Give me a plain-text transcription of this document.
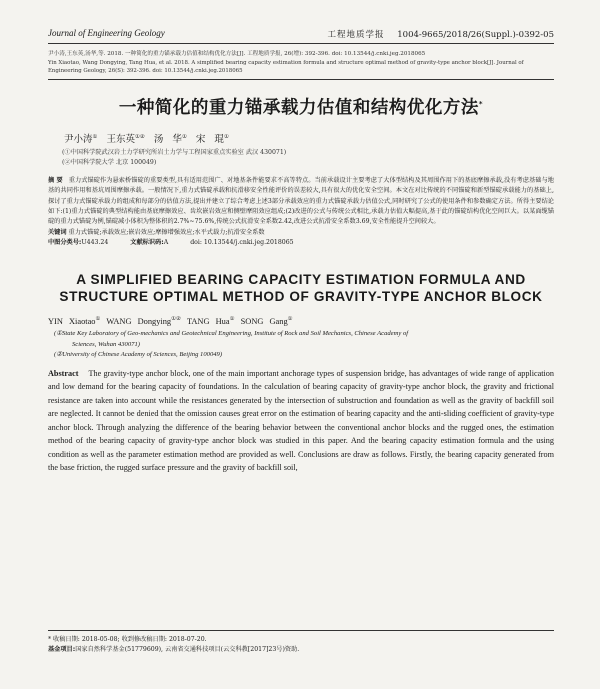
Journal of Engineering Geology	工程地质学报 1004-9665/2018/26(Suppl.)-0392-05
尹小涛,王东英,汤华,等. 2018. 一种简化的重力锚承载力估值和结构优化方法[J]. 工程地质学报, 26(增): 392-396. doi: 10.13544/j.cnki.jeg.2018065
Yin Xiaotao, Wang Dongying, Tang Hua, et al. 2018. A simplified bearing capacity estimation formula and structure optimal method of gravity-type anchor block[J]. Journal of Engineering Geology, 26(S): 392-396. doi: 10.13544/j.cnki.jeg.2018065
一种简化的重力锚承载力估值和结构优化方法*
尹小涛① 王东英①② 汤 华① 宋 琨①
(①中国科学院武汉岩土力学研究所岩土力学与工程国家重点实验室 武汉 430071)
(②中国科学院大学 北京 100049)
摘 要 重力式锚碇作为悬索桥锚碇的重要类型,具有适用范围广、对地基条件能要求不高等特点。当前承载设计主要考虑了大体型结构及其周围作用下的基底摩擦承载,没有考虑基础与地基的共同作用和基坑周围摩擦承载。一般情况下,重力式锚碇承载和抗滑移安全性能评价的误差较大,具有很大的优化安全空间。本文在对比传统的不同锚碇和新型锚碇承载能力的基础上,探讨了重力式锚碇承载力的组成和每部分的估值方法,提出并建立了综合考虑上述3部分承载效应的重力式锚碇承载力估值公式,同时研究了公式的使用条件和参数确定方法。所得主要结论如下:(1)重力式锚碇的典型结构能由基底摩擦效应、齿坎嵌岩效应和侧壁摩阻效应组成;(2)改进的公式与传统公式相比,承载力估值大幅提高,基于此的锚碇结构优化空间巨大。以某面缆锚碇的重力式锚碇为例,锚碇减小体积为整体积的2.7%~75.6%,传统公式抗滑安全系数2.42,改进公式抗滑安全系数3.69,安全性能提升空间较大。
关键词 重力式锚碇;承载效应;嵌岩效应;摩擦增强效应;水平式载力;抗滑安全系数
中图分类号:U443.24	文献标识码:A	doi: 10.13544/j.cnki.jeg.2018065
A SIMPLIFIED BEARING CAPACITY ESTIMATION FORMULA AND STRUCTURE OPTIMAL METHOD OF GRAVITY-TYPE ANCHOR BLOCK
YIN Xiaotao① WANG Dongying①② TANG Hua① SONG Gang①
(①State Key Laboratory of Geo-mechanics and Geotechnical Engineering, Institute of Rock and Soil Mechanics, Chinese Academy of
Sciences, Wuhan 430071)
(②University of Chinese Academy of Sciences, Beijing 100049)
Abstract The gravity-type anchor block, one of the main important anchorage types of suspension bridge, has advantages of wide range of application and low demand for the bearing capacity of foundations. In the calculation of bearing capacity of gravity-type anchor block, the gravity and frictional resistance are taken into account while the resistances generated by the intersection of substruction and foundation as well as the gravity of backfill soil are neglected. It cannot be denied that the omission causes great error on the estimation of bearing capacity and the anti-sliding coefficient of gravity-type anchor block. Through analyzing the difference of the bearing behavior between the conventional anchor blocks and the rugged ones, the estimation method of the bearing capacity of gravity-type anchor block was studied in this paper. And the bearing capacity estimation formula and the using condition as well as the parameter estimation method are provided as well. Conclusions are draw as follows. Firstly, the bearing capacity generated from the base friction, the rugged surface pressure and the gravity of backfill soil,
* 收稿日期: 2018-05-08; 收到修改稿日期: 2018-07-20.
基金项目:国家自然科学基金(51779609), 云南省交通科技项目(云交科教[2017]23号)资助.
